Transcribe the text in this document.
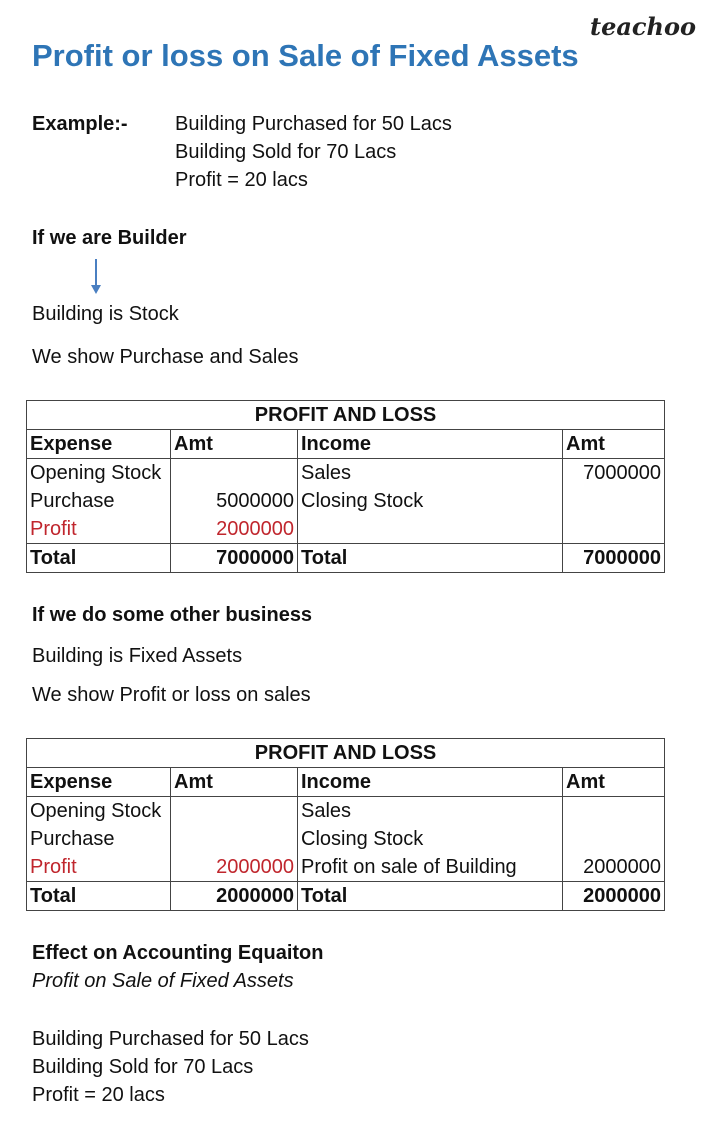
teachoo
Profit or loss on Sale of Fixed Assets
Example:- Building Purchased for 50 Lacs
Building Sold for 70 Lacs
Profit = 20 lacs
If we are Builder
Building is Stock
We show Purchase and Sales
PROFIT AND LOSS			
Expense	Amt	Income	Amt
Opening Stock		Sales	7000000
Purchase	5000000	Closing Stock	
Profit	2000000		
Total	7000000	Total	7000000
If we do some other business
Building is Fixed Assets
We show Profit or loss on sales
PROFIT AND LOSS			
Expense	Amt	Income	Amt
Opening Stock		Sales	
Purchase		Closing Stock	
Profit	2000000	Profit on sale of Building	2000000
Total	2000000	Total	2000000
Effect on Accounting Equaiton
Profit on Sale of Fixed Assets
Building Purchased for 50 Lacs
Building Sold for 70 Lacs
Profit = 20 lacs
